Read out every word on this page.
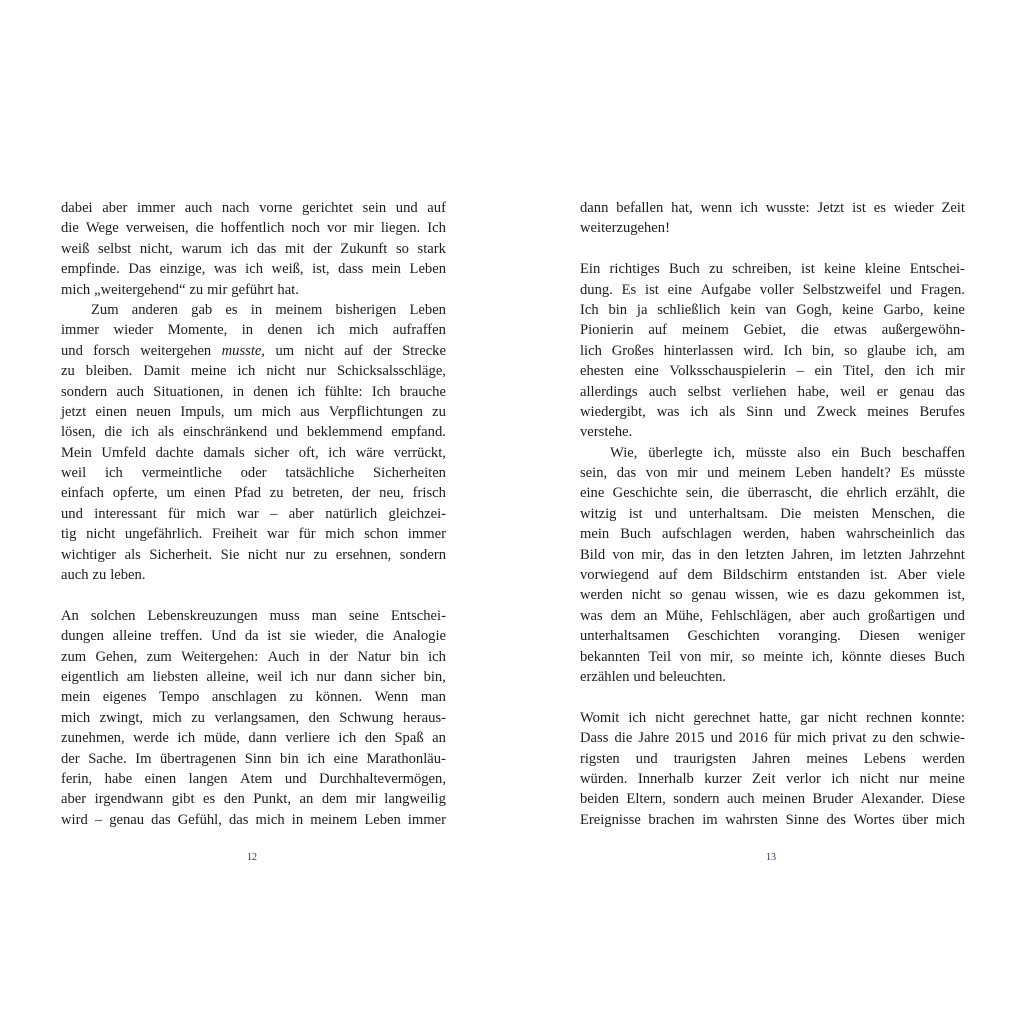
dabei aber immer auch nach vorne gerichtet sein und auf
die Wege verweisen, die hoffentlich noch vor mir liegen. Ich
weiß selbst nicht, warum ich das mit der Zukunft so stark
empfinde. Das einzige, was ich weiß, ist, dass mein Leben
mich „weitergehend“ zu mir geführt hat.
Zum anderen gab es in meinem bisherigen Leben
immer wieder Momente, in denen ich mich aufraffen
und forsch weitergehen musste, um nicht auf der Strecke
zu bleiben. Damit meine ich nicht nur Schicksalsschläge,
sondern auch Situationen, in denen ich fühlte: Ich brauche
jetzt einen neuen Impuls, um mich aus Verpflichtungen zu
lösen, die ich als einschränkend und beklemmend empfand.
Mein Umfeld dachte damals sicher oft, ich wäre verrückt,
weil ich vermeintliche oder tatsächliche Sicherheiten
einfach opferte, um einen Pfad zu betreten, der neu, frisch
und interessant für mich war – aber natürlich gleichzei-
tig nicht ungefährlich. Freiheit war für mich schon immer
wichtiger als Sicherheit. Sie nicht nur zu ersehnen, sondern
auch zu leben.
An solchen Lebenskreuzungen muss man seine Entschei-
dungen alleine treffen. Und da ist sie wieder, die Analogie
zum Gehen, zum Weitergehen: Auch in der Natur bin ich
eigentlich am liebsten alleine, weil ich nur dann sicher bin,
mein eigenes Tempo anschlagen zu können. Wenn man
mich zwingt, mich zu verlangsamen, den Schwung heraus-
zunehmen, werde ich müde, dann verliere ich den Spaß an
der Sache. Im übertragenen Sinn bin ich eine Marathonläu-
ferin, habe einen langen Atem und Durchhaltevermögen,
aber irgendwann gibt es den Punkt, an dem mir langweilig
wird – genau das Gefühl, das mich in meinem Leben immer
dann befallen hat, wenn ich wusste: Jetzt ist es wieder Zeit
weiterzugehen!
Ein richtiges Buch zu schreiben, ist keine kleine Entschei-
dung. Es ist eine Aufgabe voller Selbstzweifel und Fragen.
Ich bin ja schließlich kein van Gogh, keine Garbo, keine
Pionierin auf meinem Gebiet, die etwas außergewöhn-
lich Großes hinterlassen wird. Ich bin, so glaube ich, am
ehesten eine Volksschauspielerin – ein Titel, den ich mir
allerdings auch selbst verliehen habe, weil er genau das
wiedergibt, was ich als Sinn und Zweck meines Berufes
verstehe.
Wie, überlegte ich, müsste also ein Buch beschaffen
sein, das von mir und meinem Leben handelt? Es müsste
eine Geschichte sein, die überrascht, die ehrlich erzählt, die
witzig ist und unterhaltsam. Die meisten Menschen, die
mein Buch aufschlagen werden, haben wahrscheinlich das
Bild von mir, das in den letzten Jahren, im letzten Jahrzehnt
vorwiegend auf dem Bildschirm entstanden ist. Aber viele
werden nicht so genau wissen, wie es dazu gekommen ist,
was dem an Mühe, Fehlschlägen, aber auch großartigen und
unterhaltsamen Geschichten voranging. Diesen weniger
bekannten Teil von mir, so meinte ich, könnte dieses Buch
erzählen und beleuchten.
Womit ich nicht gerechnet hatte, gar nicht rechnen konnte:
Dass die Jahre 2015 und 2016 für mich privat zu den schwie-
rigsten und traurigsten Jahren meines Lebens werden
würden. Innerhalb kurzer Zeit verlor ich nicht nur meine
beiden Eltern, sondern auch meinen Bruder Alexander. Diese
Ereignisse brachen im wahrsten Sinne des Wortes über mich
12	13
